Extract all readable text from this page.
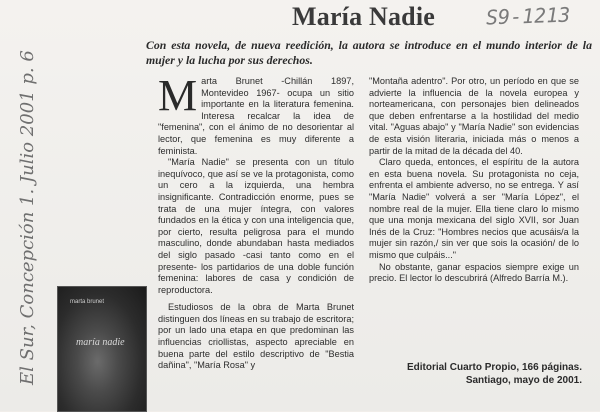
María Nadie	S9-1213
El Sur, Concepción 1. Julio 2001 p. 6
Con esta novela, de nueva reedición, la autora se introduce en el mundo interior de la mujer y la lucha por sus derechos.
M arta Brunet -Chillán 1897, Montevideo 1967- ocupa un sitio importante en la literatura femenina. Interesa recalcar la idea de "femenina", con el ánimo de no desorientar al lector, que femenina es muy diferente a feminista.

"María Nadie" se presenta con un título inequívoco, que así se ve la protagonista, como un cero a la izquierda, una hembra insignificante. Contradicción enorme, pues se trata de una mujer íntegra, con valores fundados en la ética y con una inteligencia que, por cierto, resulta peligrosa para el mundo masculino, donde abundaban hasta mediados del siglo pasado -casi tanto como en el presente- los partidarios de una doble función femenina: labores de casa y condición de reproductora.

Estudiosos de la obra de Marta Brunet distinguen dos líneas en su trabajo de escritora; por un lado una etapa en que predominan las influencias criollistas, aspecto apreciable en buena parte del estilo descriptivo de "Bestia dañina", "María Rosa" y

"Montaña adentro". Por otro, un período en que se advierte la influencia de la novela europea y norteamericana, con personajes bien delineados que deben enfrentarse a la hostilidad del medio vital. "Aguas abajo" y "María Nadie" son evidencias de esta visión literaria, iniciada más o menos a partir de la mitad de la década del 40.

Claro queda, entonces, el espíritu de la autora en esta buena novela. Su protagonista no ceja, enfrenta el ambiente adverso, no se entrega. Y así "María Nadie" volverá a ser "María López", el nombre real de la mujer. Ella tiene claro lo mismo que una monja mexicana del siglo XVII, sor Juan Inés de la Cruz: "Hombres necios que acusáis/a la mujer sin razón,/ sin ver que sois la ocasión/ de lo mismo que culpáis..."

No obstante, ganar espacios siempre exige un precio. El lector lo descubrirá (Alfredo Barría M.).

marta brunet
maría nadie
Editorial Cuarto Propio, 166 páginas.
Santiago, mayo de 2001.
